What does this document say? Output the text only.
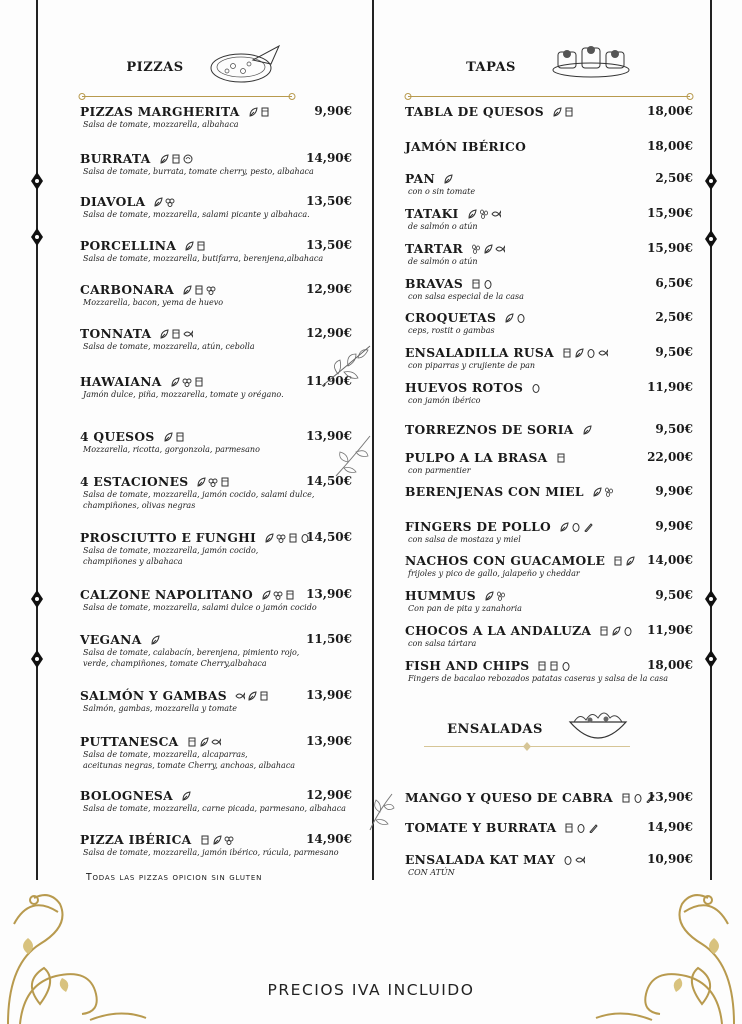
PIZZAS	TAPAS
PIZZAS MARGHERITA	9,90€
Salsa de tomate, mozzarella, albahaca
BURRATA	14,90€
Salsa de tomate, burrata, tomate cherry, pesto, albahaca
DIAVOLA	13,50€
Salsa de tomate, mozzarella, salami picante y albahaca.
PORCELLINA	13,50€
Salsa de tomate, mozzarella, butifarra, berenjena,albahaca
CARBONARA	12,90€
Mozzarella, bacon, yema de huevo
TONNATA	12,90€
Salsa de tomate, mozzarella, atún, cebolla
HAWAIANA	11,90€
Jamón dulce, piña, mozzarella, tomate y orégano.
4 QUESOS	13,90€
Mozzarella, ricotta, gorgonzola, parmesano
4 ESTACIONES	14,50€
Salsa de tomate, mozzarella, jamón cocido, salami dulce,
champiñones, olivas negras
PROSCIUTTO E FUNGHI	14,50€
Salsa de tomate, mozzarella, jamón cocido,
champiñones y albahaca
CALZONE NAPOLITANO	13,90€
Salsa de tomate, mozzarella, salami dulce o jamón cocido
VEGANA	11,50€
Salsa de tomate, calabacín, berenjena, pimiento rojo,
verde, champiñones, tomate Cherry,albahaca
SALMÓN Y GAMBAS	13,90€
Salmón, gambas, mozzarella y tomate
PUTTANESCA	13,90€
Salsa de tomate, mozzarella, alcaparras,
aceitunas negras, tomate Cherry, anchoas, albahaca
BOLOGNESA	12,90€
Salsa de tomate, mozzarella, carne picada, parmesano, albahaca
PIZZA IBÉRICA	14,90€
Salsa de tomate, mozzarella, jamón ibérico, rúcula, parmesano
TABLA DE QUESOS	18,00€
JAMÓN IBÉRICO	18,00€
PAN	2,50€
con o sin tomate
TATAKI	15,90€
de salmón o atún
TARTAR	15,90€
de salmón o atún
BRAVAS	6,50€
con salsa especial de la casa
CROQUETAS	2,50€
ceps, rostit o gambas
ENSALADILLA RUSA	9,50€
con piparras y crujiente de pan
HUEVOS ROTOS	11,90€
con jamón ibérico
TORREZNOS DE SORIA	9,50€
PULPO A LA BRASA	22,00€
con parmentier
BERENJENAS CON MIEL	9,90€
FINGERS DE POLLO	9,90€
con salsa de mostaza y miel
NACHOS CON GUACAMOLE	14,00€
frijoles y pico de gallo, jalapeño y cheddar
HUMMUS	9,50€
Con pan de pita y zanahoria
CHOCOS A LA ANDALUZA	11,90€
con salsa tártara
FISH AND CHIPS	18,00€
Fingers de bacalao rebozados patatas caseras y salsa de la casa
ENSALADAS
MANGO Y QUESO DE CABRA	13,90€
TOMATE Y BURRATA	14,90€
ENSALADA KAT MAY	10,90€
CON ATÚN
Todas las pizzas opicion sin gluten
PRECIOS IVA INCLUIDO
